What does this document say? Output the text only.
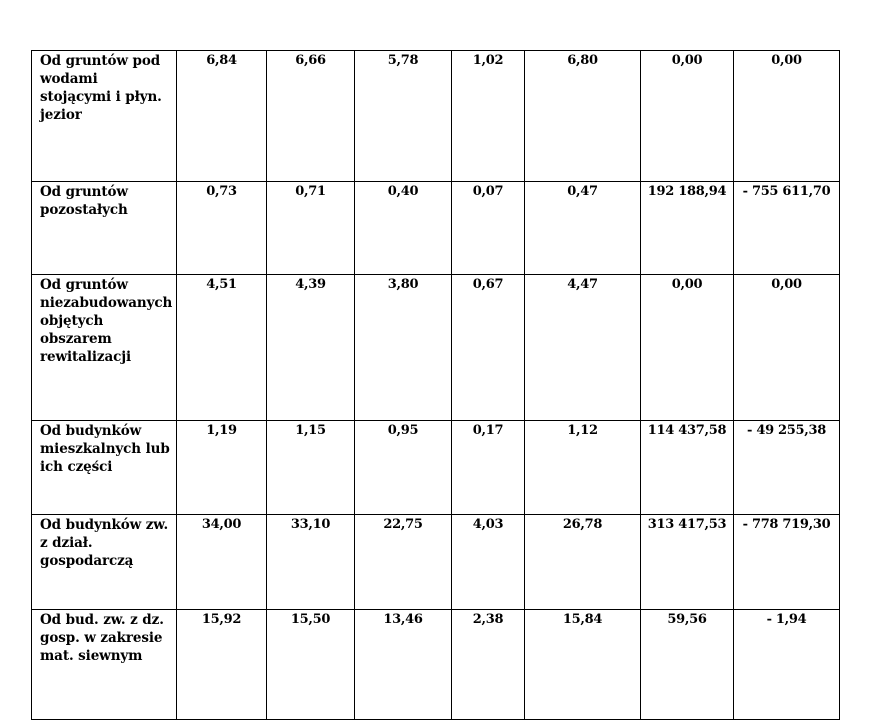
Od gruntów pod wodami stojącymi i płyn. jezior	6,84	6,66	5,78	1,02	6,80	0,00	0,00
Od gruntów pozostałych	0,73	0,71	0,40	0,07	0,47	192 188,94	- 755 611,70
Od gruntów niezabudowanych objętych obszarem rewitalizacji	4,51	4,39	3,80	0,67	4,47	0,00	0,00
Od budynków mieszkalnych lub ich części	1,19	1,15	0,95	0,17	1,12	114 437,58	- 49 255,38
Od budynków zw. z dział. gospodarczą	34,00	33,10	22,75	4,03	26,78	313 417,53	- 778 719,30
Od bud. zw. z dz. gosp. w zakresie mat. siewnym	15,92	15,50	13,46	2,38	15,84	59,56	- 1,94
